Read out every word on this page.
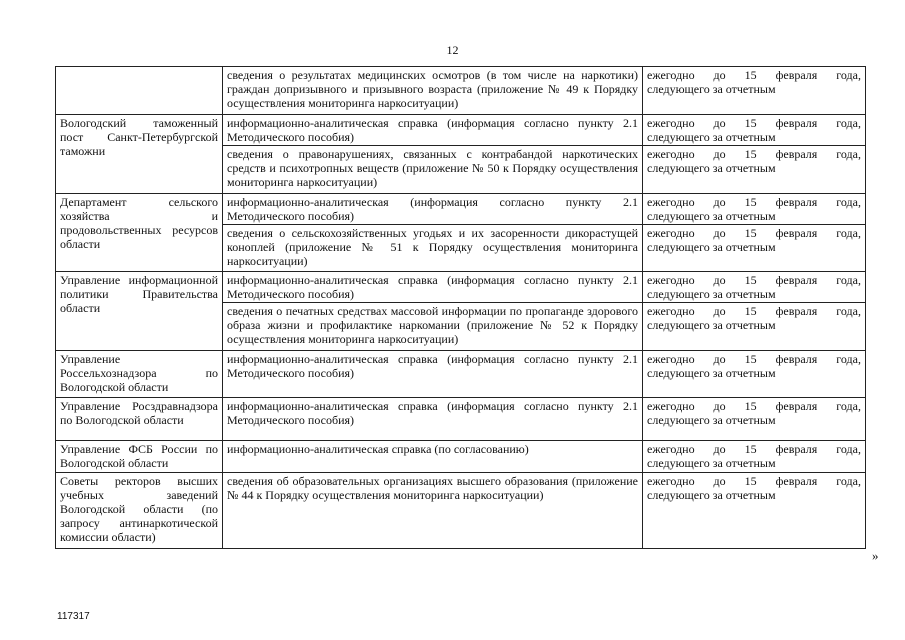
12
	сведения о результатах медицинских осмотров (в том числе на наркотики) граждан допризывного и призывного возраста (приложение № 49 к Порядку осуществления мониторинга наркоситуации)	ежегодно до 15 февраля года, следующего за отчетным
Вологодский таможенный пост Санкт-Петербургской таможни	информационно-аналитическая справка (информация согласно пункту 2.1 Методического пособия)	ежегодно до 15 февраля года, следующего за отчетным
	сведения о правонарушениях, связанных с контрабандой наркотических средств и психотропных веществ (приложение № 50 к Порядку осуществления мониторинга наркоситуации)	ежегодно до 15 февраля года, следующего за отчетным
Департамент сельского хозяйства и продовольственных ресурсов области	информационно-аналитическая (информация согласно пункту 2.1 Методического пособия)	ежегодно до 15 февраля года, следующего за отчетным
	сведения о сельскохозяйственных угодьях и их засоренности дикорастущей коноплей (приложение № 51 к Порядку осуществления мониторинга наркоситуации)	ежегодно до 15 февраля года, следующего за отчетным
Управление информационной политики Правительства области	информационно-аналитическая справка (информация согласно пункту 2.1 Методического пособия)	ежегодно до 15 февраля года, следующего за отчетным
	сведения о печатных средствах массовой информации по пропаганде здорового образа жизни и профилактике наркомании (приложение № 52 к Порядку осуществления мониторинга наркоситуации)	ежегодно до 15 февраля года, следующего за отчетным
Управление Россельхознадзора по Вологодской области	информационно-аналитическая справка (информация согласно пункту 2.1 Методического пособия)	ежегодно до 15 февраля года, следующего за отчетным
Управление Росздравнадзора по Вологодской области	информационно-аналитическая справка (информация согласно пункту 2.1 Методического пособия)	ежегодно до 15 февраля года, следующего за отчетным
Управление ФСБ России по Вологодской области	информационно-аналитическая справка (по согласованию)	ежегодно до 15 февраля года, следующего за отчетным
Советы ректоров высших учебных заведений Вологодской области (по запросу антинаркотической комиссии области)	сведения об образовательных организациях высшего образования (приложение № 44 к Порядку осуществления мониторинга наркоситуации)	ежегодно до 15 февраля года, следующего за отчетным
»
117317
